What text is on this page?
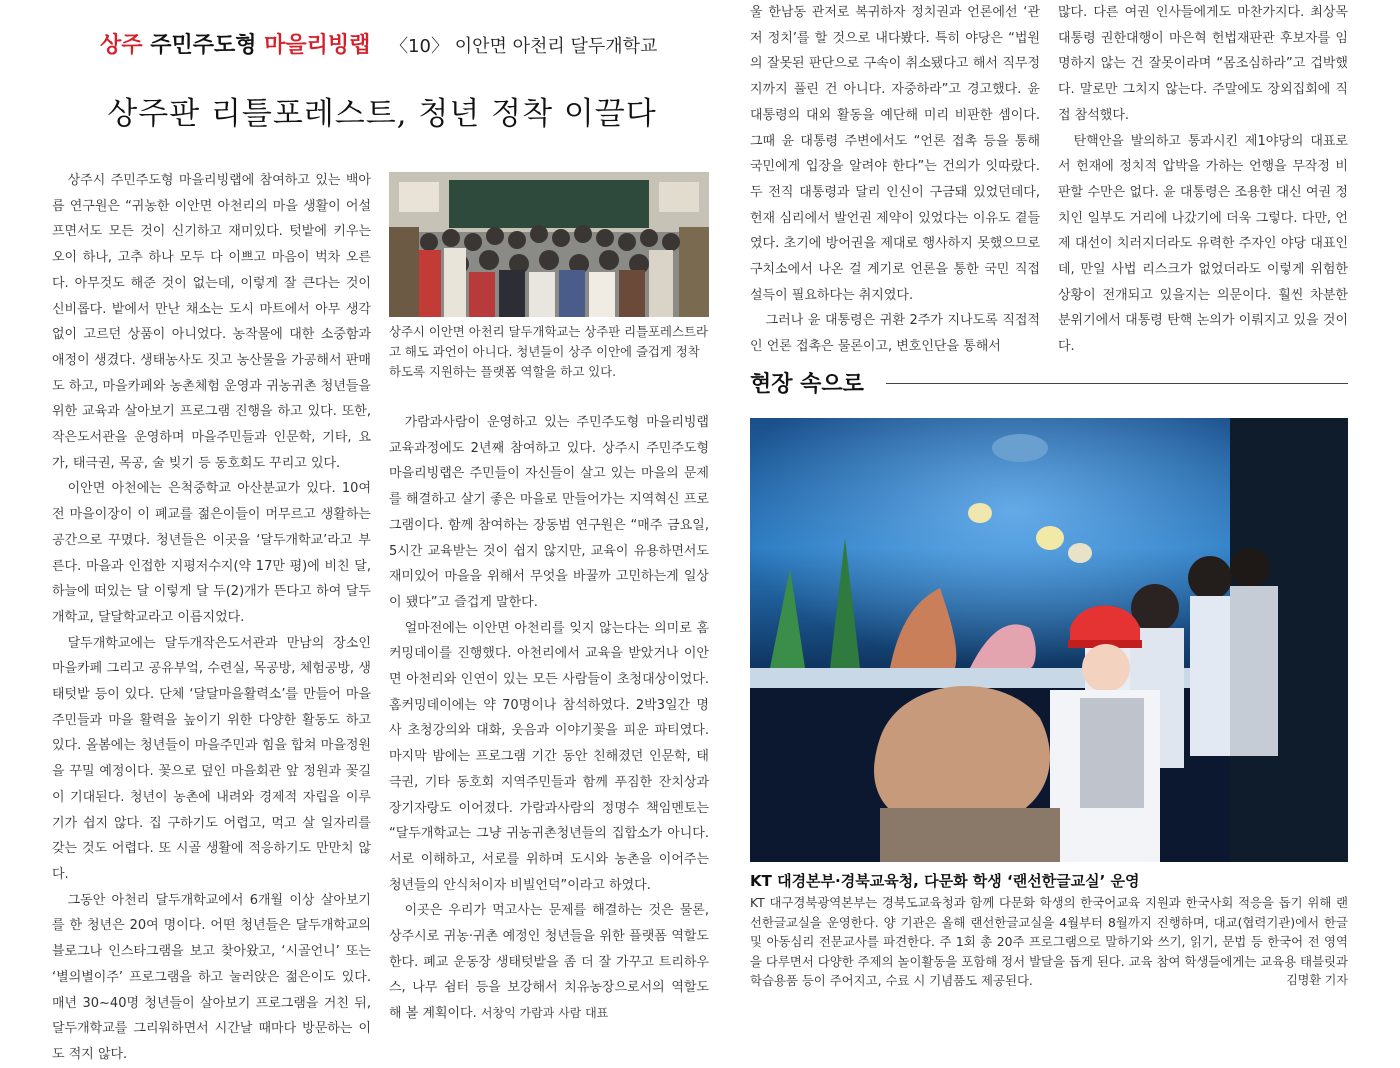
상주 주민주도형 마을리빙랩 〈10〉 이안면 아천리 달두개학교
상주판 리틀포레스트, 청년 정착 이끌다

상주시 주민주도형 마을리빙랩에 참여하고 있는 백아름 연구원은 “귀농한 이안면 아천리의 마을 생활이 어설프면서도 모든 것이 신기하고 재미있다. 텃밭에 키우는 오이 하나, 고추 하나 모두 다 이쁘고 마음이 벅차 오른다. 아무것도 해준 것이 없는데, 이렇게 잘 큰다는 것이 신비롭다. 밭에서 만난 채소는 도시 마트에서 아무 생각 없이 고르던 상품이 아니었다. 농작물에 대한 소중함과 애정이 생겼다. 생태농사도 짓고 농산물을 가공해서 판매도 하고, 마을카페와 농촌체험 운영과 귀농귀촌 청년들을 위한 교육과 살아보기 프로그램 진행을 하고 있다. 또한, 작은도서관을 운영하며 마을주민들과 인문학, 기타, 요가, 태극권, 목공, 술 빚기 등 동호회도 꾸리고 있다.

이안면 아천에는 은척중학교 아산분교가 있다. 10여 전 마을이장이 이 폐교를 젊은이들이 머무르고 생활하는 공간으로 꾸몄다. 청년들은 이곳을 ‘달두개학교’라고 부른다. 마을과 인접한 지평저수지(약 17만 평)에 비친 달, 하늘에 떠있는 달 이렇게 달 두(2)개가 뜬다고 하여 달두개학교, 달달학교라고 이름지었다.

달두개학교에는 달두개작은도서관과 만남의 장소인 마을카페 그리고 공유부엌, 수련실, 목공방, 체험공방, 생태텃밭 등이 있다. 단체 ‘달달마을활력소’를 만들어 마을주민들과 마을 활력을 높이기 위한 다양한 활동도 하고 있다. 올봄에는 청년들이 마을주민과 힘을 합쳐 마을정원을 꾸밀 예정이다. 꽃으로 덮인 마을회관 앞 정원과 꽃길이 기대된다. 청년이 농촌에 내려와 경제적 자립을 이루기가 쉽지 않다. 집 구하기도 어렵고, 먹고 살 일자리를 갖는 것도 어렵다. 또 시골 생활에 적응하기도 만만치 않다.

그동안 아천리 달두개학교에서 6개월 이상 살아보기를 한 청년은 20여 명이다. 어떤 청년들은 달두개학교의 블로그나 인스타그램을 보고 찾아왔고, ‘시골언니’ 또는 ‘별의별이주’ 프로그램을 하고 눌러앉은 젊은이도 있다. 매년 30~40명 청년들이 살아보기 프로그램을 거친 뒤, 달두개학교를 그리워하면서 시간날 때마다 방문하는 이도 적지 않다.

상주시 이안면 아천리 달두개학교는 상주판 리틀포레스트라고 해도 과언이 아니다. 청년들이 상주 이안에 즐겁게 정착하도록 지원하는 플랫폼 역할을 하고 있다.

가람과사람이 운영하고 있는 주민주도형 마을리빙랩 교육과정에도 2년째 참여하고 있다. 상주시 주민주도형 마을리빙랩은 주민들이 자신들이 살고 있는 마을의 문제를 해결하고 살기 좋은 마을로 만들어가는 지역혁신 프로그램이다. 함께 참여하는 장동범 연구원은 “매주 금요일, 5시간 교육받는 것이 쉽지 않지만, 교육이 유용하면서도 재미있어 마을을 위해서 무엇을 바꿀까 고민하는게 일상이 됐다”고 즐겁게 말한다.

얼마전에는 이안면 아천리를 잊지 않는다는 의미로 홈커밍데이를 진행했다. 아천리에서 교육을 받았거나 이안면 아천리와 인연이 있는 모든 사람들이 초청대상이었다. 홈커밍데이에는 약 70명이나 참석하였다. 2박3일간 명사 초청강의와 대화, 웃음과 이야기꽃을 피운 파티였다. 마지막 밤에는 프로그램 기간 동안 친해졌던 인문학, 태극권, 기타 동호회 지역주민들과 함께 푸짐한 잔치상과 장기자랑도 이어졌다. 가람과사람의 정명수 책임멘토는 “달두개학교는 그냥 귀농귀촌청년들의 집합소가 아니다. 서로 이해하고, 서로를 위하며 도시와 농촌을 이어주는 청년들의 안식처이자 비빌언덕”이라고 하였다.

이곳은 우리가 먹고사는 문제를 해결하는 것은 물론, 상주시로 귀농·귀촌 예정인 청년들을 위한 플랫폼 역할도 한다. 폐교 운동장 생태텃밭을 좀 더 잘 가꾸고 트리하우스, 나무 쉼터 등을 보강해서 치유농장으로서의 역할도 해 볼 계획이다. 서창익 가람과 사람 대표

울 한남동 관저로 복귀하자 정치권과 언론에선 ‘관저 정치’를 할 것으로 내다봤다. 특히 야당은 “법원의 잘못된 판단으로 구속이 취소됐다고 해서 직무정지까지 풀린 건 아니다. 자중하라”고 경고했다. 윤 대통령의 대외 활동을 예단해 미리 비판한 셈이다. 그때 윤 대통령 주변에서도 “언론 접촉 등을 통해 국민에게 입장을 알려야 한다”는 건의가 잇따랐다. 두 전직 대통령과 달리 인신이 구금돼 있었던데다, 헌재 심리에서 발언권 제약이 있었다는 이유도 곁들였다. 초기에 방어권을 제대로 행사하지 못했으므로 구치소에서 나온 걸 계기로 언론을 통한 국민 직접 설득이 필요하다는 취지였다.

그러나 윤 대통령은 귀환 2주가 지나도록 직접적인 언론 접촉은 물론이고, 변호인단을 통해서

많다. 다른 여권 인사들에게도 마찬가지다. 최상목 대통령 권한대행이 마은혁 헌법재판관 후보자를 임명하지 않는 건 잘못이라며 “몸조심하라”고 겁박했다. 말로만 그치지 않는다. 주말에도 장외집회에 직접 참석했다.

탄핵안을 발의하고 통과시킨 제1야당의 대표로서 헌재에 정치적 압박을 가하는 언행을 무작정 비판할 수만은 없다. 윤 대통령은 조용한 대신 여권 정치인 일부도 거리에 나갔기에 더욱 그렇다. 다만, 언제 대선이 치러지더라도 유력한 주자인 야당 대표인데, 만일 사법 리스크가 없었더라도 이렇게 위험한 상황이 전개되고 있을지는 의문이다. 훨씬 차분한 분위기에서 대통령 탄핵 논의가 이뤄지고 있을 것이다.

현장 속으로
KT 대경본부·경북교육청, 다문화 학생 ‘랜선한글교실’ 운영
KT 대구경북광역본부는 경북도교육청과 함께 다문화 학생의 한국어교육 지원과 한국사회 적응을 돕기 위해 랜선한글교실을 운영한다. 양 기관은 올해 랜선한글교실을 4월부터 8월까지 진행하며, 대교(협력기관)에서 한글 및 아동심리 전문교사를 파견한다. 주 1회 총 20주 프로그램으로 말하기와 쓰기, 읽기, 문법 등 한국어 전 영역을 다루면서 다양한 주제의 놀이활동을 포함해 정서 발달을 돕게 된다. 교육 참여 학생들에게는 교육용 태블릿과 학습용품 등이 주어지고, 수료 시 기념품도 제공된다.	김명환 기자
